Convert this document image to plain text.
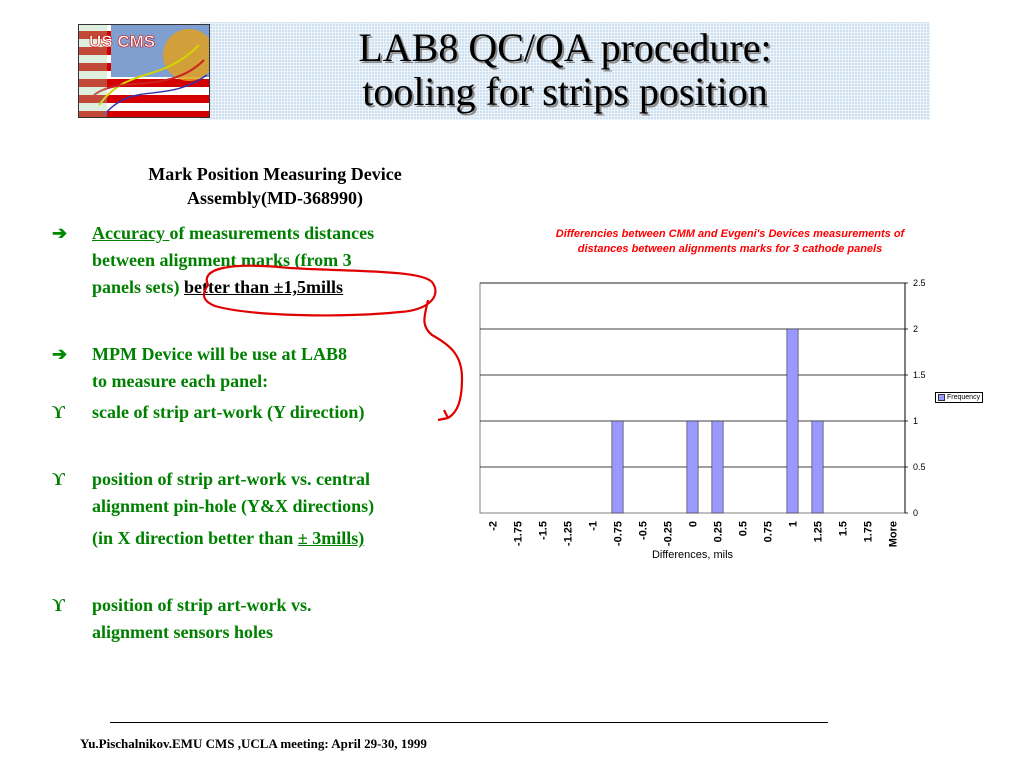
US CMS	LAB8 QC/QA procedure:
tooling for strips position
Mark Position Measuring Device
Assembly(MD-368990)
➔ Accuracy of measurements distances
between alignment marks (from 3
panels sets) better than ±1,5mills
➔ MPM Device will be use at LAB8
to measure each panel:
ϒ scale of strip art-work (Y direction)
ϒ position of strip art-work vs. central
alignment pin-hole (Y&X directions)
(in X direction better than ± 3mills)
ϒ position of strip art-work vs.
alignment sensors holes
Differencies between CMM and Evgeni's Devices measurements of
distances between alignments marks for 3 cathode panels
0
0.5
1
1.5
2
2.5
-2 -1.75 -1.5 -1.25 -1 -0.75 -0.5 -0.25 0 0.25 0.5 0.75 1 1.25 1.5 1.75 More
Differences, mils
Frequency
Yu.Pischalnikov.EMU CMS ,UCLA meeting: April 29-30, 1999
